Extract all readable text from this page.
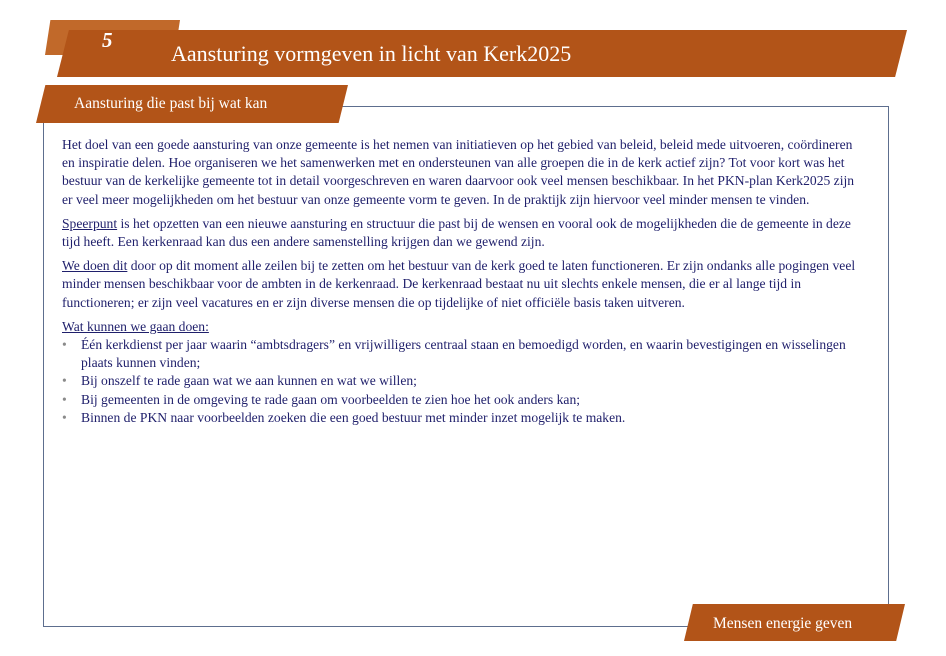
5
Aansturing vormgeven in licht van Kerk2025
Aansturing die past bij wat kan

Het doel van een goede aansturing van onze gemeente is het nemen van initiatieven op het gebied van beleid, beleid mede uitvoeren, coördineren en inspiratie delen. Hoe organiseren we het samenwerken met en ondersteunen van alle groepen die in de kerk actief zijn? Tot voor kort was het bestuur van de kerkelijke gemeente tot in detail voorgeschreven en waren daarvoor ook veel mensen beschikbaar. In het PKN-plan Kerk2025 zijn er veel meer mogelijkheden om het bestuur van onze gemeente vorm te geven. In de praktijk zijn hiervoor veel minder mensen te vinden.

Speerpunt is het opzetten van een nieuwe aansturing en structuur die past bij de wensen en vooral ook de mogelijkheden die de gemeente in deze tijd heeft. Een kerkenraad kan dus een andere samenstelling krijgen dan we gewend zijn.

We doen dit door op dit moment alle zeilen bij te zetten om het bestuur van de kerk goed te laten functioneren. Er zijn ondanks alle pogingen veel minder mensen beschikbaar voor de ambten in de kerkenraad. De kerkenraad bestaat nu uit slechts enkele mensen, die er al lange tijd in functioneren; er zijn veel vacatures en er zijn diverse mensen die op tijdelijke of niet officiële basis taken uitveren.

Wat kunnen we gaan doen:
• Één kerkdienst per jaar waarin “ambtsdragers” en vrijwilligers centraal staan en bemoedigd worden, en waarin bevestigingen en wisselingen plaats kunnen vinden;
• Bij onszelf te rade gaan wat we aan kunnen en wat we willen;
• Bij gemeenten in de omgeving te rade gaan om voorbeelden te zien hoe het ook anders kan;
• Binnen de PKN naar voorbeelden zoeken die een goed bestuur met minder inzet mogelijk te maken.
Mensen energie geven
